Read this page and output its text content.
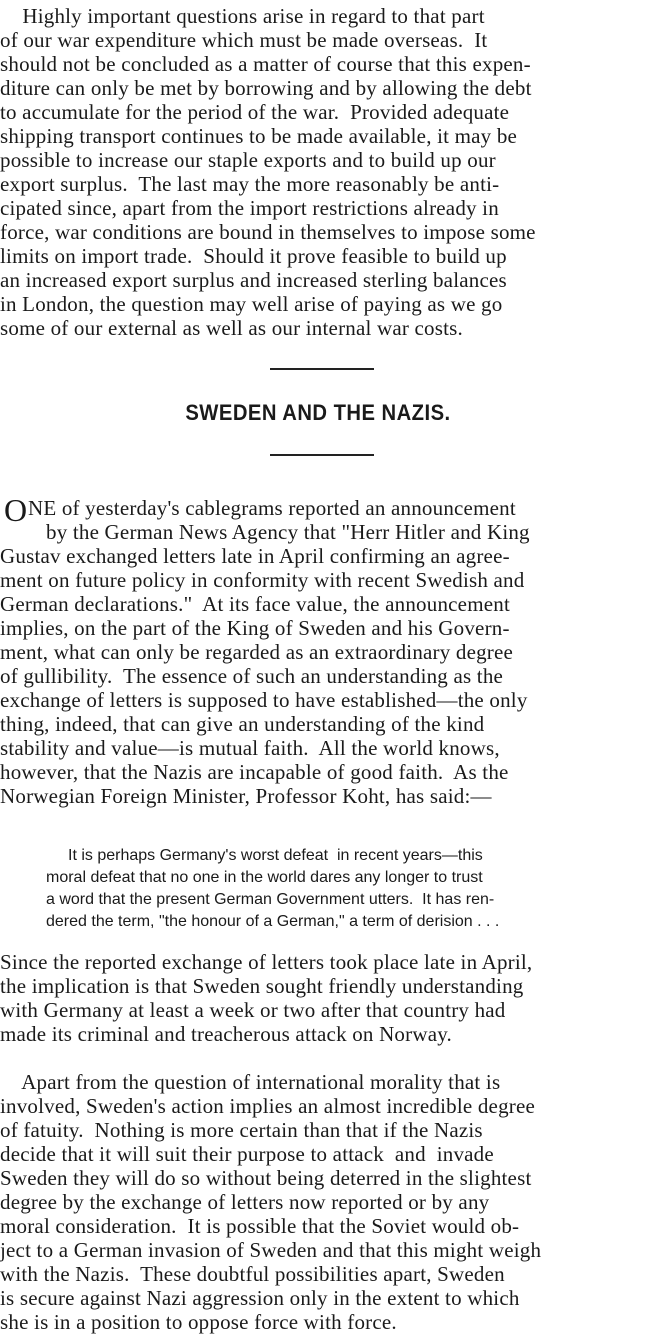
Highly important questions arise in regard to that part
of our war expenditure which must be made overseas.  It
should not be concluded as a matter of course that this expen-
diture can only be met by borrowing and by allowing the debt
to accumulate for the period of the war.  Provided adequate
shipping transport continues to be made available, it may be
possible to increase our staple exports and to build up our
export surplus.  The last may the more reasonably be anti-
cipated since, apart from the import restrictions already in
force, war conditions are bound in themselves to impose some
limits on import trade.  Should it prove feasible to build up
an increased export surplus and increased sterling balances
in London, the question may well arise of paying as we go
some of our external as well as our internal war costs.
SWEDEN AND THE NAZIS.
O NE of yesterday's cablegrams reported an announcement
by the German News Agency that "Herr Hitler and King
Gustav exchanged letters late in April confirming an agree-
ment on future policy in conformity with recent Swedish and
German declarations."  At its face value, the announcement
implies, on the part of the King of Sweden and his Govern-
ment, what can only be regarded as an extraordinary degree
of gullibility.  The essence of such an understanding as the
exchange of letters is supposed to have established—the only
thing, indeed, that can give an understanding of the kind
stability and value—is mutual faith.  All the world knows,
however, that the Nazis are incapable of good faith.  As the
Norwegian Foreign Minister, Professor Koht, has said:—
It is perhaps Germany's worst defeat  in recent years—this
moral defeat that no one in the world dares any longer to trust
a word that the present German Government utters.  It has ren-
dered the term, "the honour of a German," a term of derision . . .
Since the reported exchange of letters took place late in April,
the implication is that Sweden sought friendly understanding
with Germany at least a week or two after that country had
made its criminal and treacherous attack on Norway.
Apart from the question of international morality that is
involved, Sweden's action implies an almost incredible degree
of fatuity.  Nothing is more certain than that if the Nazis
decide that it will suit their purpose to attack  and  invade
Sweden they will do so without being deterred in the slightest
degree by the exchange of letters now reported or by any
moral consideration.  It is possible that the Soviet would ob-
ject to a German invasion of Sweden and that this might weigh
with the Nazis.  These doubtful possibilities apart, Sweden
is secure against Nazi aggression only in the extent to which
she is in a position to oppose force with force.
